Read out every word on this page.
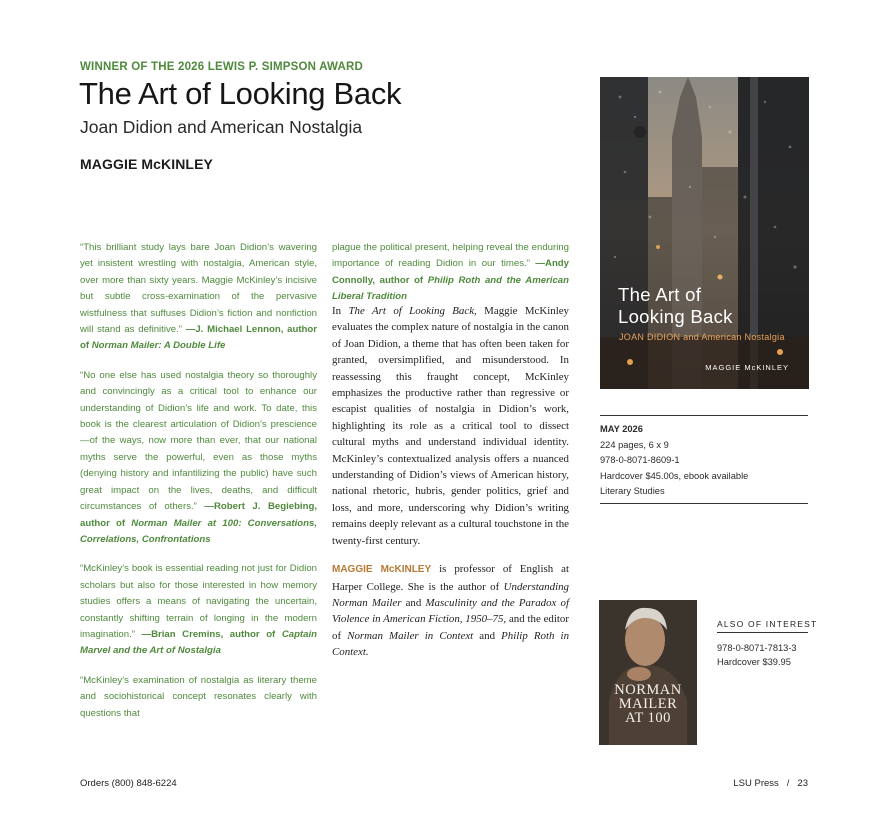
WINNER OF THE 2026 LEWIS P. SIMPSON AWARD
The Art of Looking Back
Joan Didion and American Nostalgia
MAGGIE McKINLEY

“This brilliant study lays bare Joan Didion’s wavering yet insistent wrestling with nostalgia, American style, over more than sixty years. Maggie McKinley’s incisive but subtle cross-examination of the pervasive wistfulness that suffuses Didion’s fiction and nonfiction will stand as definitive.” —J. Michael Lennon, author of Norman Mailer: A Double Life

“No one else has used nostalgia theory so thoroughly and convincingly as a critical tool to enhance our understanding of Didion’s life and work. To date, this book is the clearest articulation of Didion’s prescience—of the ways, now more than ever, that our national myths serve the powerful, even as those myths (denying history and infantilizing the public) have such great impact on the lives, deaths, and difficult circumstances of others.” —Robert J. Begiebing, author of Norman Mailer at 100: Conversations, Correlations, Confrontations

“McKinley’s book is essential reading not just for Didion scholars but also for those interested in how memory studies offers a means of navigating the uncertain, constantly shifting terrain of longing in the modern imagination.” —Brian Cremins, author of Captain Marvel and the Art of Nostalgia

“McKinley’s examination of nostalgia as literary theme and sociohistorical concept resonates clearly with questions that

plague the political present, helping reveal the enduring importance of reading Didion in our times.” —Andy Connolly, author of Philip Roth and the American Liberal Tradition

In The Art of Looking Back, Maggie McKinley evaluates the complex nature of nostalgia in the canon of Joan Didion, a theme that has often been taken for granted, oversimplified, and misunderstood. In reassessing this fraught concept, McKinley emphasizes the productive rather than regressive or escapist qualities of nostalgia in Didion’s work, highlighting its role as a critical tool to dissect cultural myths and understand individual identity. McKinley’s contextualized analysis offers a nuanced understanding of Didion’s views of American history, national rhetoric, hubris, gender politics, grief and loss, and more, underscoring why Didion’s writing remains deeply relevant as a cultural touchstone in the twenty-first century.

MAGGIE McKINLEY is professor of English at Harper College. She is the author of Understanding Norman Mailer and Masculinity and the Paradox of Violence in American Fiction, 1950–75, and the editor of Norman Mailer in Context and Philip Roth in Context.

The Art of
Looking Back
JOAN DIDION and American Nostalgia
MAGGIE McKINLEY
MAY 2026
224 pages, 6 x 9
978-0-8071-8609-1
Hardcover $45.00s, ebook available
Literary Studies
NORMAN
MAILER
AT 100
ALSO OF INTEREST
978-0-8071-7813-3
Hardcover $39.95
Orders (800) 848-6224	LSU Press / 23
